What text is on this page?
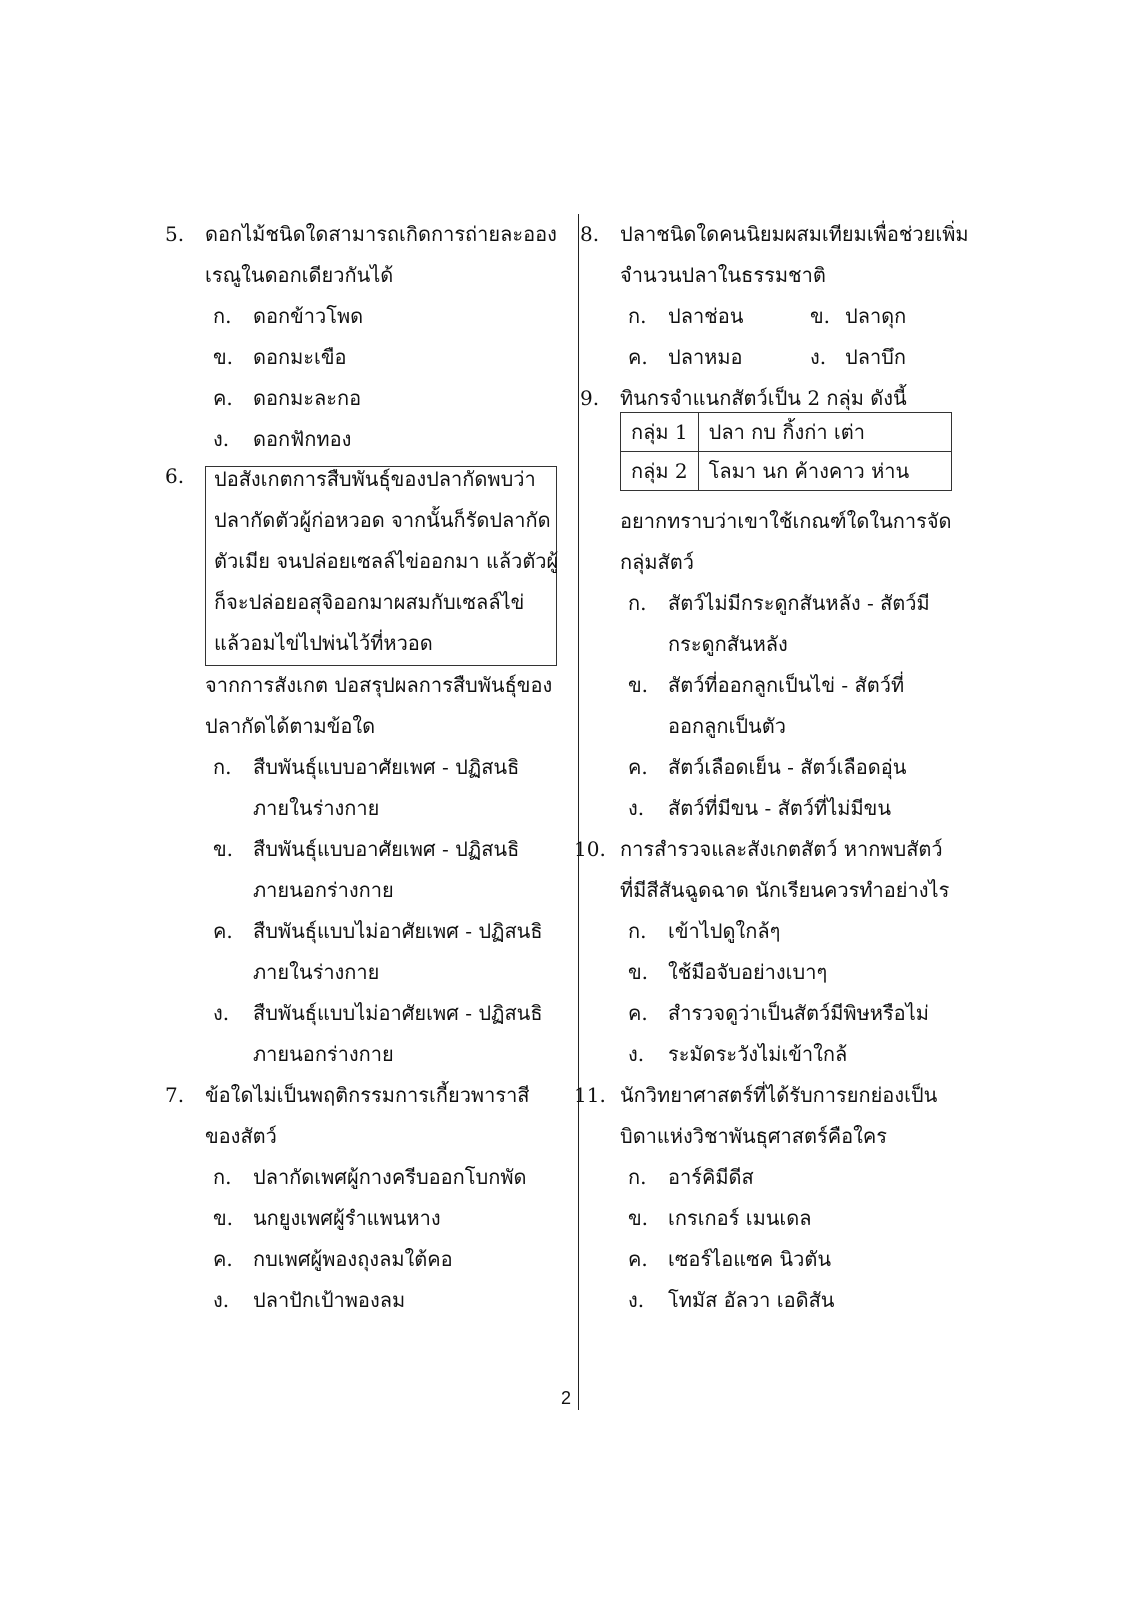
5. ดอกไม้ชนิดใดสามารถเกิดการถ่ายละออง
เรณูในดอกเดียวกันได้
ก. ดอกข้าวโพด
ข. ดอกมะเขือ
ค. ดอกมะละกอ
ง. ดอกฟักทอง
จากการสังเกต ปอสรุปผลการสืบพันธุ์ของ
ปลากัดได้ตามข้อใด
ก. สืบพันธุ์แบบอาศัยเพศ - ปฏิสนธิ
ภายในร่างกาย
ข. สืบพันธุ์แบบอาศัยเพศ - ปฏิสนธิ
ภายนอกร่างกาย
ค. สืบพันธุ์แบบไม่อาศัยเพศ - ปฏิสนธิ
ภายในร่างกาย
ง. สืบพันธุ์แบบไม่อาศัยเพศ - ปฏิสนธิ
ภายนอกร่างกาย
7. ข้อใดไม่เป็นพฤติกรรมการเกี้ยวพาราสี
ของสัตว์
ก. ปลากัดเพศผู้กางครีบออกโบกพัด
ข. นกยูงเพศผู้รำแพนหาง
ค. กบเพศผู้พองถุงลมใต้คอ
ง. ปลาปักเป้าพองลม
6. ปอสังเกตการสืบพันธุ์ของปลากัดพบว่า
ปลากัดตัวผู้ก่อหวอด จากนั้นก็รัดปลากัด
ตัวเมีย จนปล่อยเซลล์ไข่ออกมา แล้วตัวผู้
ก็จะปล่อยอสุจิออกมาผสมกับเซลล์ไข่
แล้วอมไข่ไปพ่นไว้ที่หวอด
8. ปลาชนิดใดคนนิยมผสมเทียมเพื่อช่วยเพิ่ม
จำนวนปลาในธรรมชาติ
ก. ปลาช่อน	ข. ปลาดุก
ค. ปลาหมอ	ง. ปลาบึก
9. ทินกรจำแนกสัตว์เป็น 2 กลุ่ม ดังนี้
อยากทราบว่าเขาใช้เกณฑ์ใดในการจัด
กลุ่มสัตว์
ก. สัตว์ไม่มีกระดูกสันหลัง - สัตว์มี
กระดูกสันหลัง
ข. สัตว์ที่ออกลูกเป็นไข่ - สัตว์ที่
ออกลูกเป็นตัว
ค. สัตว์เลือดเย็น - สัตว์เลือดอุ่น
ง. สัตว์ที่มีขน - สัตว์ที่ไม่มีขน
10. การสำรวจและสังเกตสัตว์ หากพบสัตว์
ที่มีสีสันฉูดฉาด นักเรียนควรทำอย่างไร
ก. เข้าไปดูใกล้ๆ
ข. ใช้มือจับอย่างเบาๆ
ค. สำรวจดูว่าเป็นสัตว์มีพิษหรือไม่
ง. ระมัดระวังไม่เข้าใกล้
11. นักวิทยาศาสตร์ที่ได้รับการยกย่องเป็น
บิดาแห่งวิชาพันธุศาสตร์คือใคร
ก. อาร์คิมีดีส
ข. เกรเกอร์ เมนเดล
ค. เซอร์ไอแซค นิวตัน
ง. โทมัส อัลวา เอดิสัน
กลุ่ม 1	ปลา กบ กิ้งก่า เต่า
กลุ่ม 2	โลมา นก ค้างคาว ห่าน
2
